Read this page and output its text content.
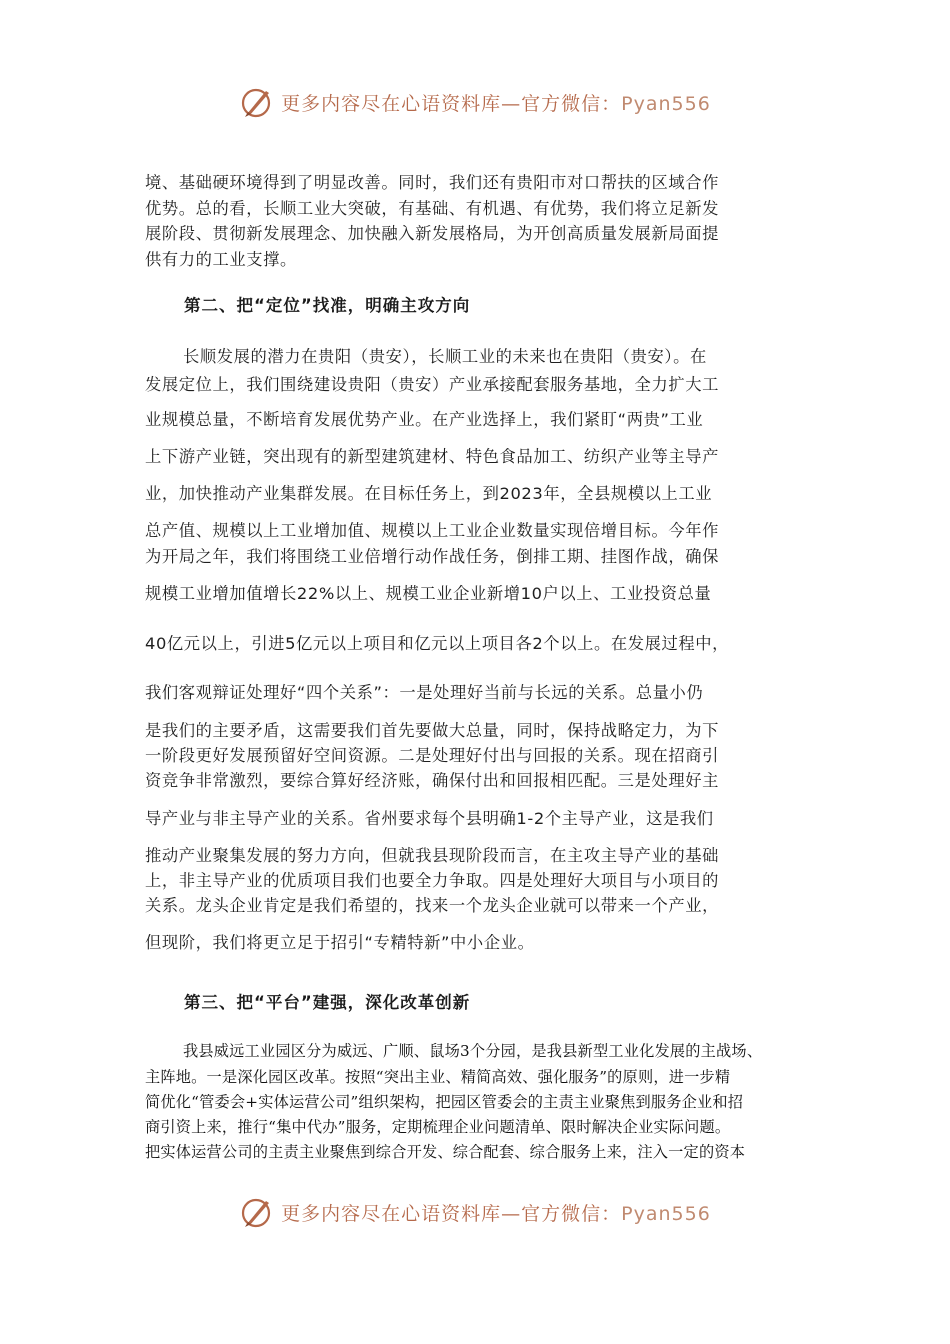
更多内容尽在心语资料库—官方微信：Pyan556
境、基础硬环境得到了明显改善。同时，我们还有贵阳市对口帮扶的区域合作
优势。总的看，长顺工业大突破，有基础、有机遇、有优势，我们将立足新发
展阶段、贯彻新发展理念、加快融入新发展格局，为开创高质量发展新局面提
供有力的工业支撑。
第二、把“定位”找准，明确主攻方向
长顺发展的潜力在贵阳（贵安），长顺工业的未来也在贵阳（贵安）。在
发展定位上，我们围绕建设贵阳（贵安）产业承接配套服务基地，全力扩大工
业规模总量，不断培育发展优势产业。在产业选择上，我们紧盯“两贵”工业
上下游产业链，突出现有的新型建筑建材、特色食品加工、纺织产业等主导产
业，加快推动产业集群发展。在目标任务上，到2023年，全县规模以上工业
总产值、规模以上工业增加值、规模以上工业企业数量实现倍增目标。今年作
为开局之年，我们将围绕工业倍增行动作战任务，倒排工期、挂图作战，确保
规模工业增加值增长22%以上、规模工业企业新增10户以上、工业投资总量
40亿元以上，引进5亿元以上项目和亿元以上项目各2个以上。在发展过程中，
我们客观辩证处理好“四个关系”：一是处理好当前与长远的关系。总量小仍
是我们的主要矛盾，这需要我们首先要做大总量，同时，保持战略定力，为下
一阶段更好发展预留好空间资源。二是处理好付出与回报的关系。现在招商引
资竞争非常激烈，要综合算好经济账，确保付出和回报相匹配。三是处理好主
导产业与非主导产业的关系。省州要求每个县明确1-2个主导产业，这是我们
推动产业聚集发展的努力方向，但就我县现阶段而言，在主攻主导产业的基础
上，非主导产业的优质项目我们也要全力争取。四是处理好大项目与小项目的
关系。龙头企业肯定是我们希望的，找来一个龙头企业就可以带来一个产业，
但现阶，我们将更立足于招引“专精特新”中小企业。
第三、把“平台”建强，深化改革创新
我县威远工业园区分为威远、广顺、鼠场3个分园，是我县新型工业化发展的主战场、
主阵地。一是深化园区改革。按照“突出主业、精简高效、强化服务”的原则，进一步精
简优化“管委会+实体运营公司”组织架构，把园区管委会的主责主业聚焦到服务企业和招
商引资上来，推行“集中代办”服务，定期梳理企业问题清单、限时解决企业实际问题。
把实体运营公司的主责主业聚焦到综合开发、综合配套、综合服务上来，注入一定的资本
更多内容尽在心语资料库—官方微信：Pyan556
